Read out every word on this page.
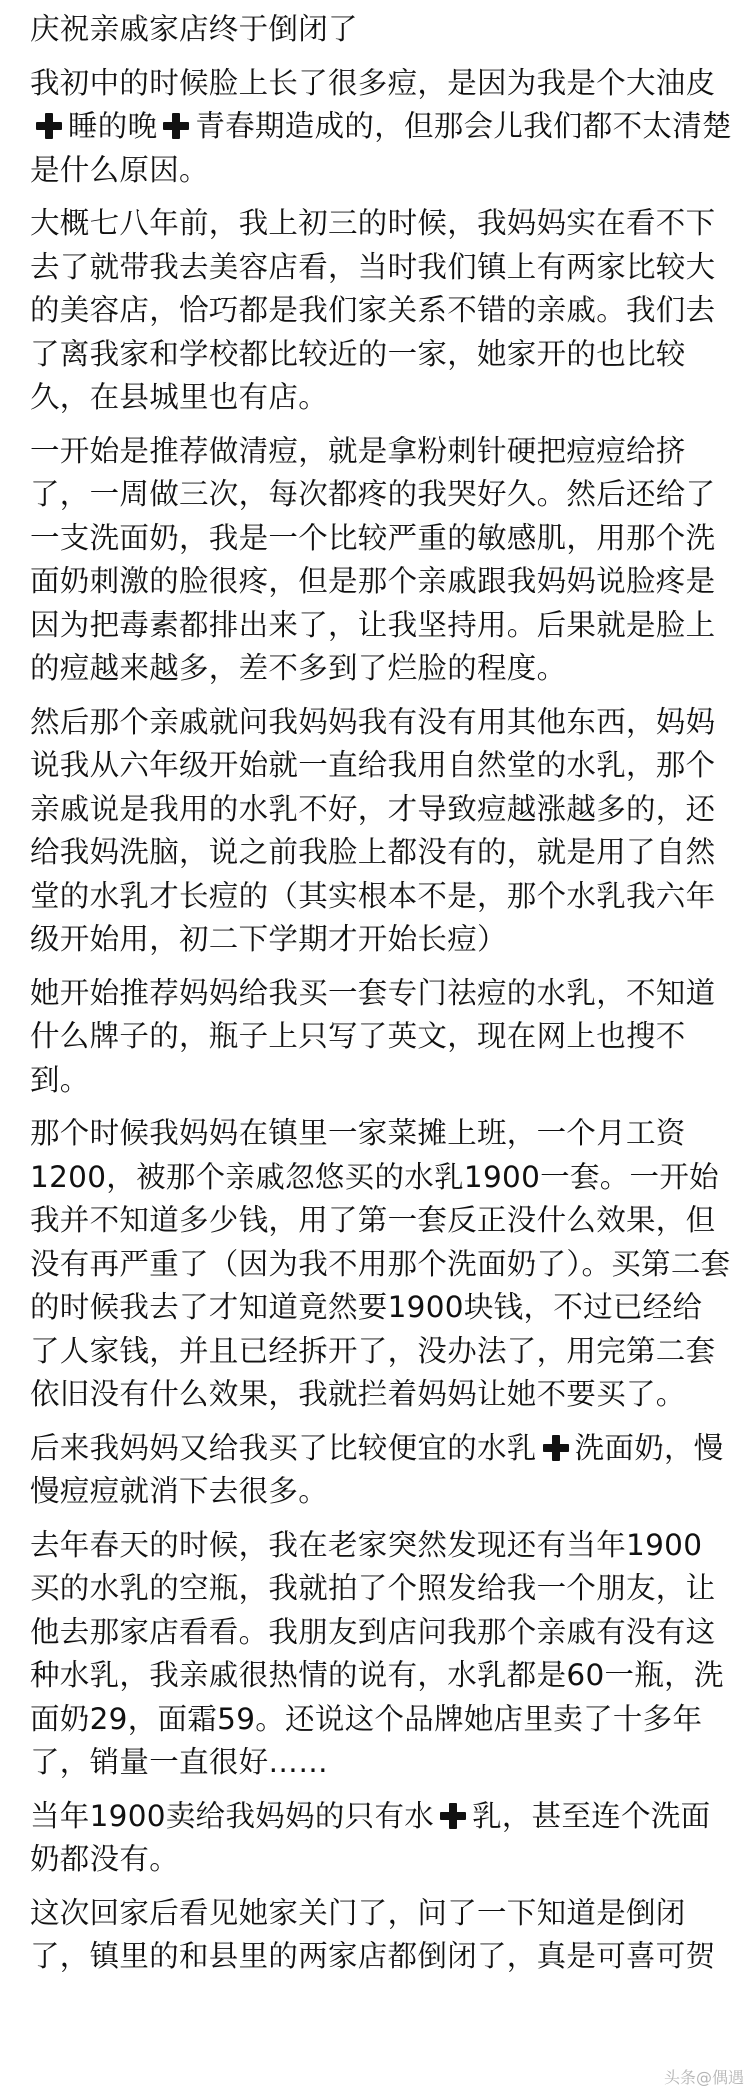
庆祝亲戚家店终于倒闭了
我初中的时候脸上长了很多痘，是因为我是个大油皮睡的晚 青春期造成的，但那会儿我们都不太清楚是什么原因。
大概七八年前，我上初三的时候，我妈妈实在看不下去了就带我去美容店看，当时我们镇上有两家比较大的美容店，恰巧都是我们家关系不错的亲戚。我们去了离我家和学校都比较近的一家，她家开的也比较久，在县城里也有店。
一开始是推荐做清痘，就是拿粉刺针硬把痘痘给挤了，一周做三次，每次都疼的我哭好久。然后还给了一支洗面奶，我是一个比较严重的敏感肌，用那个洗面奶刺激的脸很疼，但是那个亲戚跟我妈妈说脸疼是因为把毒素都排出来了，让我坚持用。后果就是脸上的痘越来越多，差不多到了烂脸的程度。
然后那个亲戚就问我妈妈我有没有用其他东西，妈妈说我从六年级开始就一直给我用自然堂的水乳，那个亲戚说是我用的水乳不好，才导致痘越涨越多的，还给我妈洗脑，说之前我脸上都没有的，就是用了自然堂的水乳才长痘的（其实根本不是，那个水乳我六年级开始用，初二下学期才开始长痘）
她开始推荐妈妈给我买一套专门祛痘的水乳，不知道什么牌子的，瓶子上只写了英文，现在网上也搜不到。
那个时候我妈妈在镇里一家菜摊上班，一个月工资1200，被那个亲戚忽悠买的水乳1900一套。一开始我并不知道多少钱，用了第一套反正没什么效果，但没有再严重了（因为我不用那个洗面奶了）。买第二套的时候我去了才知道竟然要1900块钱，不过已经给了人家钱，并且已经拆开了，没办法了，用完第二套依旧没有什么效果，我就拦着妈妈让她不要买了。
后来我妈妈又给我买了比较便宜的水乳 洗面奶，慢慢痘痘就消下去很多。
去年春天的时候，我在老家突然发现还有当年1900买的水乳的空瓶，我就拍了个照发给我一个朋友，让他去那家店看看。我朋友到店问我那个亲戚有没有这种水乳，我亲戚很热情的说有，水乳都是60一瓶，洗面奶29，面霜59。还说这个品牌她店里卖了十多年了，销量一直很好……
当年1900卖给我妈妈的只有水 乳，甚至连个洗面奶都没有。
这次回家后看见她家关门了，问了一下知道是倒闭了，镇里的和县里的两家店都倒闭了，真是可喜可贺
头条@偶遇
